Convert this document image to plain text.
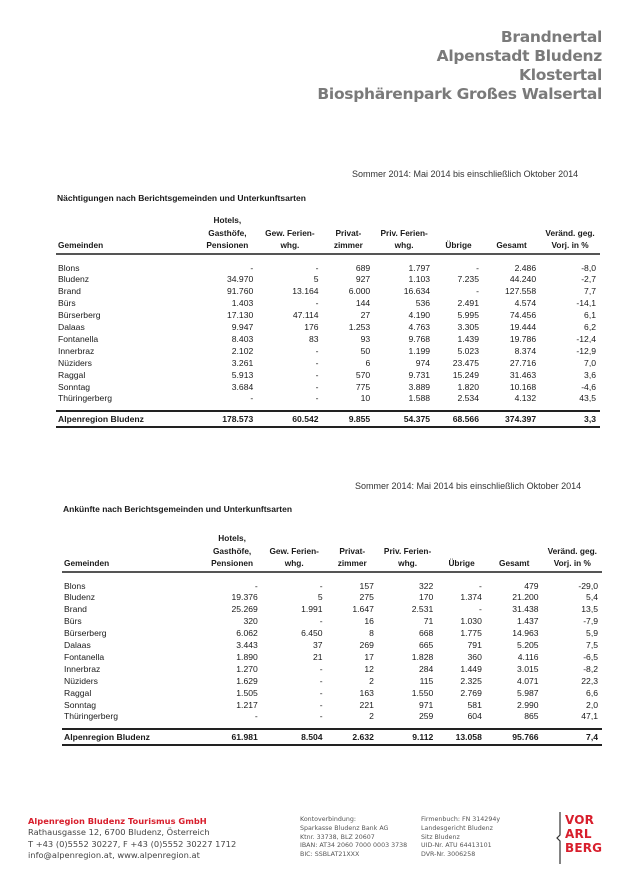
Brandnertal
Alpenstadt Bludenz
Klostertal
Biosphärenpark Großes Walsertal
Sommer 2014: Mai 2014 bis einschließlich Oktober 2014
Nächtigungen nach Berichtsgemeinden und Unterkunftsarten
Gemeinden

Hotels,
Gasthöfe,
Pensionen

Gew. Ferien-
whg.

Privat-
zimmer

Priv. Ferien-
whg.	Übrige	Gesamt

Veränd. geg.
Vorj. in %

Blons	-	-	689	1.797	-	2.486	-8,0
Bludenz	34.970	5	927	1.103	7.235	44.240	-2,7
Brand	91.760	13.164	6.000	16.634	-	127.558	7,7
Bürs	1.403	-	144	536	2.491	4.574	-14,1
Bürserberg	17.130	47.114	27	4.190	5.995	74.456	6,1
Dalaas	9.947	176	1.253	4.763	3.305	19.444	6,2
Fontanella	8.403	83	93	9.768	1.439	19.786	-12,4
Innerbraz	2.102	-	50	1.199	5.023	8.374	-12,9
Nüziders	3.261	-	6	974	23.475	27.716	7,0
Raggal	5.913	-	570	9.731	15.249	31.463	3,6
Sonntag	3.684	-	775	3.889	1.820	10.168	-4,6
Thüringerberg	-	-	10	1.588	2.534	4.132	43,5

Alpenregion Bludenz	178.573	60.542	9.855	54.375	68.566	374.397	3,3
Sommer 2014: Mai 2014 bis einschließlich Oktober 2014
Ankünfte nach Berichtsgemeinden und Unterkunftsarten
Gemeinden

Hotels,
Gasthöfe,
Pensionen

Gew. Ferien-
whg.

Privat-
zimmer

Priv. Ferien-
whg.	Übrige	Gesamt

Veränd. geg.
Vorj. in %

Blons	-	-	157	322	-	479	-29,0
Bludenz	19.376	5	275	170	1.374	21.200	5,4
Brand	25.269	1.991	1.647	2.531	-	31.438	13,5
Bürs	320	-	16	71	1.030	1.437	-7,9
Bürserberg	6.062	6.450	8	668	1.775	14.963	5,9
Dalaas	3.443	37	269	665	791	5.205	7,5
Fontanella	1.890	21	17	1.828	360	4.116	-6,5
Innerbraz	1.270	-	12	284	1.449	3.015	-8,2
Nüziders	1.629	-	2	115	2.325	4.071	22,3
Raggal	1.505	-	163	1.550	2.769	5.987	6,6
Sonntag	1.217	-	221	971	581	2.990	2,0
Thüringerberg	-	-	2	259	604	865	47,1

Alpenregion Bludenz	61.981	8.504	2.632	9.112	13.058	95.766	7,4
Alpenregion Bludenz Tourismus GmbH
Rathausgasse 12, 6700 Bludenz, Österreich
T +43 (0)5552 30227, F +43 (0)5552 30227 1712
info@alpenregion.at, www.alpenregion.at
Kontoverbindung:
Sparkasse Bludenz Bank AG
Ktnr. 33738, BLZ 20607
IBAN: AT34 2060 7000 0003 3738
BIC: SSBLAT21XXX
Firmenbuch: FN 314294y
Landesgericht Bludenz
Sitz Bludenz
UID-Nr. ATU 64413101
DVR-Nr. 3006258
VOR
ARL
BERG
